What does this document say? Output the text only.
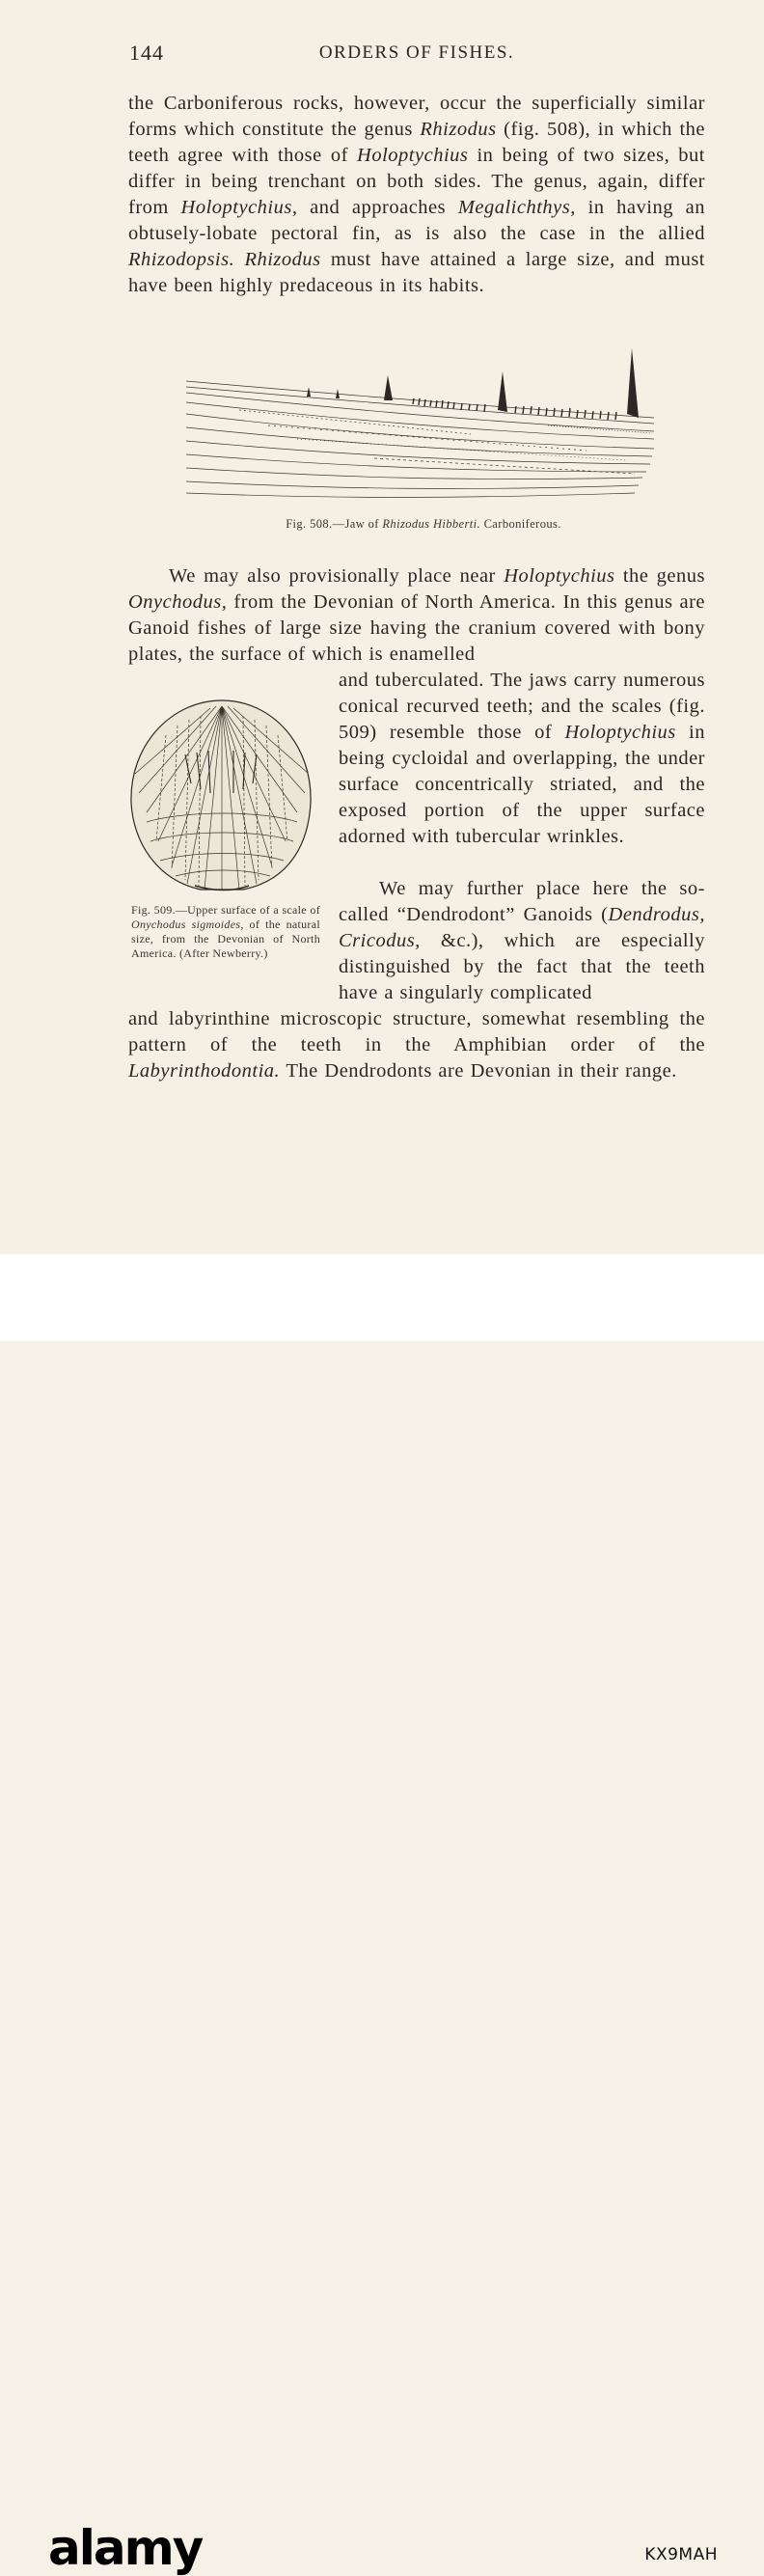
144	ORDERS OF FISHES.

the Carboniferous rocks, however, occur the superficially similar forms which constitute the genus Rhizodus (fig. 508), in which the teeth agree with those of Holoptychius in being of two sizes, but differ in being trenchant on both sides. The genus, again, differ from Holoptychius, and approaches Megalichthys, in having an obtusely-lobate pectoral fin, as is also the case in the allied Rhizodopsis. Rhizodus must have attained a large size, and must have been highly predaceous in its habits.

Fig. 508.—Jaw of Rhizodus Hibberti. Carboniferous.

We may also provisionally place near Holoptychius the genus Onychodus, from the Devonian of North America. In this genus are Ganoid fishes of large size having the cranium covered with bony plates, the surface of which is enamelled

and tuberculated. The jaws carry numerous conical recurved teeth; and the scales (fig. 509) resemble those of Holoptychius in being cycloidal and overlapping, the under surface concentrically striated, and the exposed portion of the upper surface adorned with tubercular wrinkles.

Fig. 509.—Upper surface of a scale of Onychodus sigmoides, of the natural size, from the Devonian of North America. (After Newberry.)

We may further place here the so-called “Dendrodont” Ganoids (Dendrodus, Cricodus, &c.), which are especially distinguished by the fact that the teeth have a singularly complicated

and labyrinthine microscopic structure, somewhat resembling the pattern of the teeth in the Amphibian order of the Labyrinthodontia. The Dendrodonts are Devonian in their range.

alamy	KX9MAH
